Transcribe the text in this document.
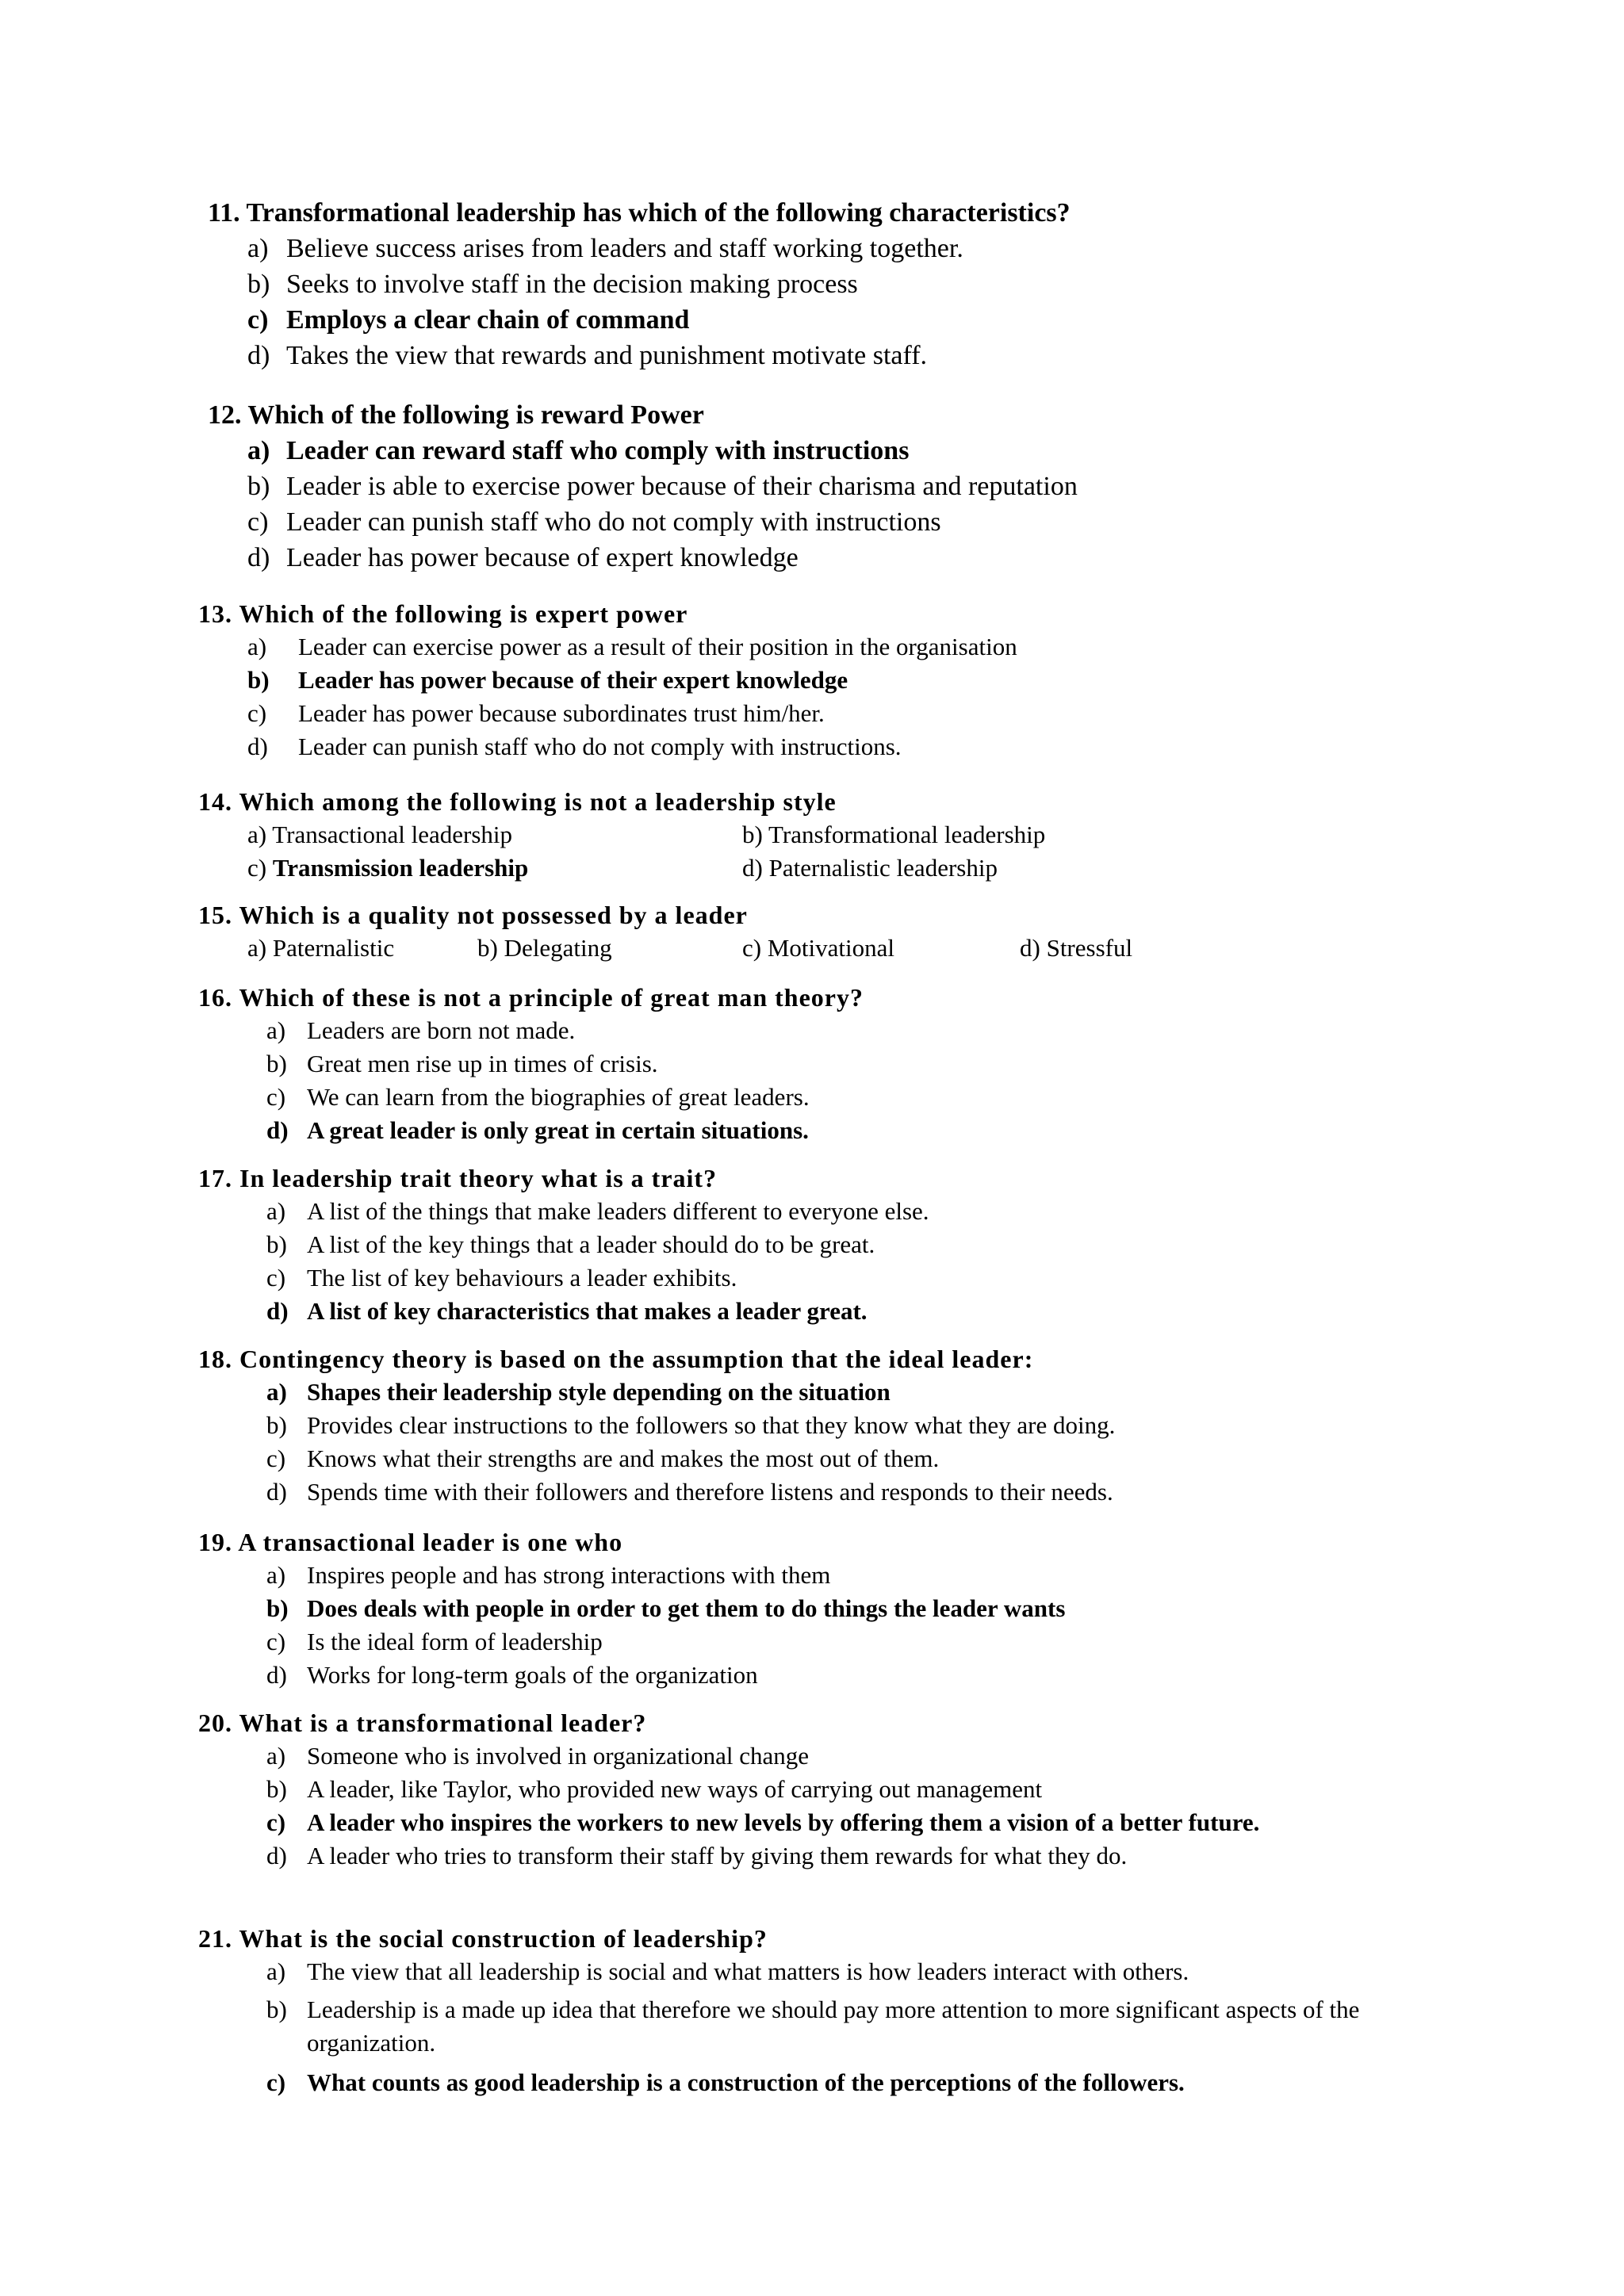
11. Transformational leadership has which of the following characteristics?
a) Believe success arises from leaders and staff working together.
b) Seeks to involve staff in the decision making process
c) Employs a clear chain of command
d) Takes the view that rewards and punishment motivate staff.
12. Which of the following is reward Power
a) Leader can reward staff who comply with instructions
b) Leader is able to exercise power because of their charisma and reputation
c) Leader can punish staff who do not comply with instructions
d) Leader has power because of expert knowledge
13. Which of the following is expert power
a) Leader can exercise power as a result of their position in the organisation
b) Leader has power because of their expert knowledge
c) Leader has power because subordinates trust him/her.
d) Leader can punish staff who do not comply with instructions.
14. Which among the following is not a leadership style
a) Transactional leadership	b) Transformational leadership
c) Transmission leadership	d) Paternalistic leadership
15. Which is a quality not possessed by a leader
a) Paternalistic	b) Delegating	c) Motivational	d) Stressful
16. Which of these is not a principle of great man theory?
a) Leaders are born not made.
b) Great men rise up in times of crisis.
c) We can learn from the biographies of great leaders.
d) A great leader is only great in certain situations.
17. In leadership trait theory what is a trait?
a) A list of the things that make leaders different to everyone else.
b) A list of the key things that a leader should do to be great.
c) The list of key behaviours a leader exhibits.
d) A list of key characteristics that makes a leader great.
18. Contingency theory is based on the assumption that the ideal leader:
a) Shapes their leadership style depending on the situation
b) Provides clear instructions to the followers so that they know what they are doing.
c) Knows what their strengths are and makes the most out of them.
d) Spends time with their followers and therefore listens and responds to their needs.
19. A transactional leader is one who
a) Inspires people and has strong interactions with them
b) Does deals with people in order to get them to do things the leader wants
c) Is the ideal form of leadership
d) Works for long-term goals of the organization
20. What is a transformational leader?
a) Someone who is involved in organizational change
b) A leader, like Taylor, who provided new ways of carrying out management
c) A leader who inspires the workers to new levels by offering them a vision of a better future.
d) A leader who tries to transform their staff by giving them rewards for what they do.
21. What is the social construction of leadership?
a) The view that all leadership is social and what matters is how leaders interact with others.
b) Leadership is a made up idea that therefore we should pay more attention to more significant aspects of the organization.
c) What counts as good leadership is a construction of the perceptions of the followers.
